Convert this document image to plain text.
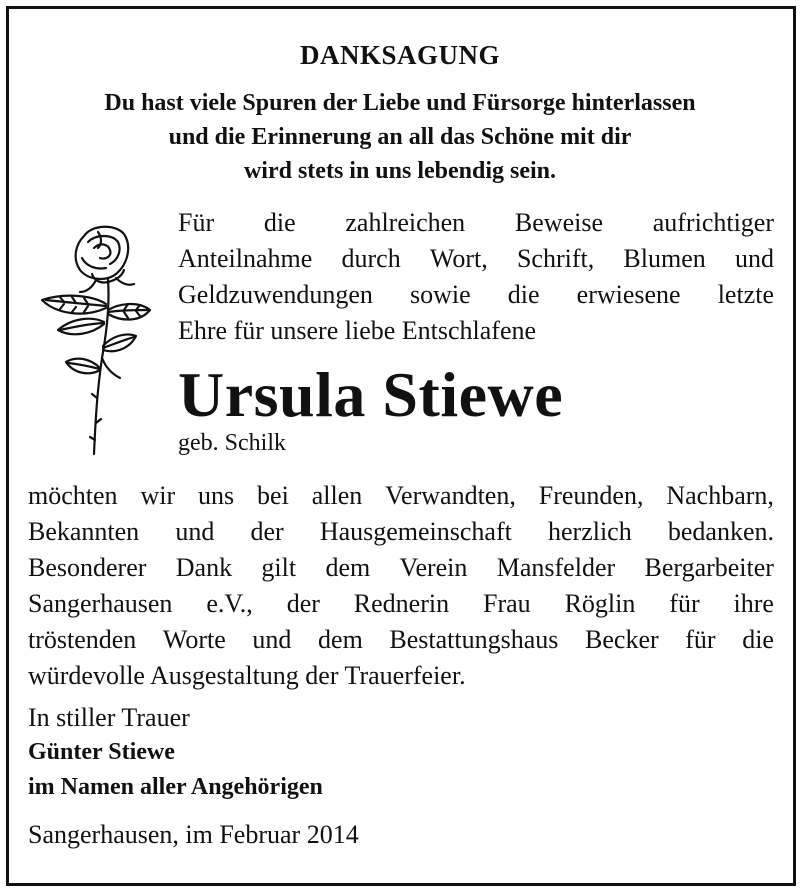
DANKSAGUNG
Du hast viele Spuren der Liebe und Fürsorge hinterlassen
und die Erinnerung an all das Schöne mit dir
wird stets in uns lebendig sein.
Für die zahlreichen Beweise aufrichtiger
Anteilnahme durch Wort, Schrift, Blumen und
Geldzuwendungen sowie die erwiesene letzte
Ehre für unsere liebe Entschlafene
Ursula Stiewe
geb. Schilk
möchten wir uns bei allen Verwandten, Freunden, Nachbarn,
Bekannten und der Hausgemeinschaft herzlich bedanken.
Besonderer Dank gilt dem Verein Mansfelder Bergarbeiter
Sangerhausen e.V., der Rednerin Frau Röglin für ihre
tröstenden Worte und dem Bestattungshaus Becker für die
würdevolle Ausgestaltung der Trauerfeier.
In stiller Trauer
Günter Stiewe
im Namen aller Angehörigen
Sangerhausen, im Februar 2014
